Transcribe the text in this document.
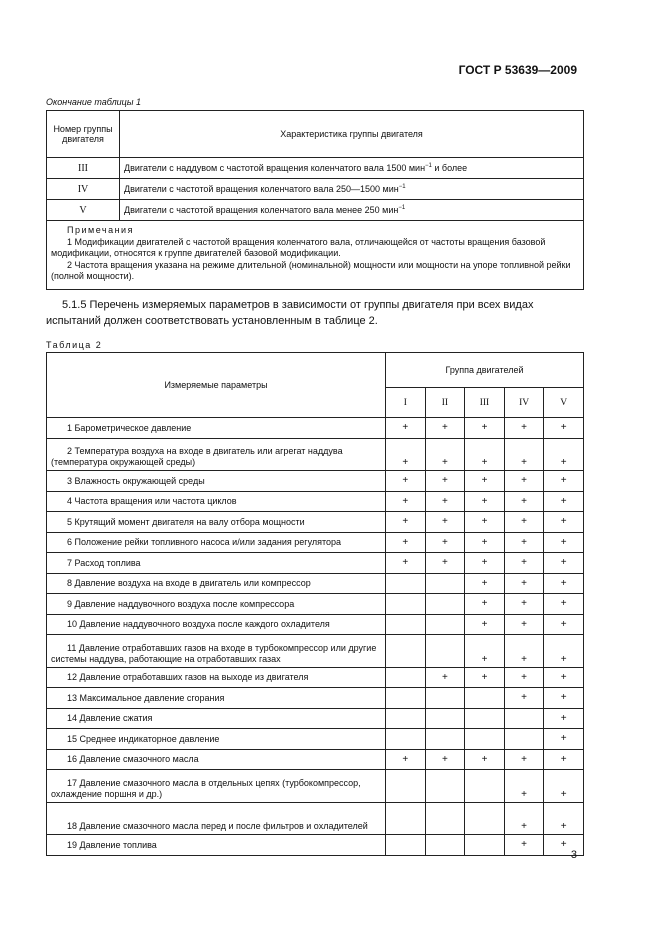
ГОСТ Р 53639—2009
Окончание таблицы 1
Номер группы двигателя	Характеристика группы двигателя
III	Двигатели с наддувом с частотой вращения коленчатого вала 1500 мин$^{-1}$ и более
IV	Двигатели с частотой вращения коленчатого вала 250—1500 мин$^{-1}$
V	Двигатели с частотой вращения коленчатого вала менее 250 мин$^{-1}$

Примечания
1 Модификации двигателей с частотой вращения коленчатого вала, отличающейся от частоты вращения базовой модификации, относятся к группе двигателей базовой модификации.
2 Частота вращения указана на режиме длительной (номинальной) мощности или мощности на упоре топливной рейки (полной мощности).	
5.1.5 Перечень измеряемых параметров в зависимости от группы двигателя при всех видах испытаний должен соответствовать установленным в таблице 2.
Таблица 2
Измеряемые параметры	Группа двигателей				
	I	II	III	IV	V
1 Барометрическое давление	+	+	+	+	+
2 Температура воздуха на входе в двигатель или агрегат наддува (температура окружающей среды)	+	+	+	+	+
3 Влажность окружающей среды	+	+	+	+	+
4 Частота вращения или частота циклов	+	+	+	+	+
5 Крутящий момент двигателя на валу отбора мощности	+	+	+	+	+
6 Положение рейки топливного насоса и/или задания регулятора	+	+	+	+	+
7 Расход топлива	+	+	+	+	+
8 Давление воздуха на входе в двигатель или компрессор			+	+	+
9 Давление наддувочного воздуха после компрессора			+	+	+
10 Давление наддувочного воздуха после каждого охладителя			+	+	+
11 Давление отработавших газов на входе в турбокомпрессор или другие системы наддува, работающие на отработавших газах			+	+	+
12 Давление отработавших газов на выходе из двигателя		+	+	+	+
13 Максимальное давление сгорания				+	+
14 Давление сжатия					+
15 Среднее индикаторное давление					+
16 Давление смазочного масла	+	+	+	+	+
17 Давление смазочного масла в отдельных цепях (турбокомпрессор, охлаждение поршня и др.)				+	+
18 Давление смазочного масла перед и после фильтров и охладителей				+	+
19 Давление топлива				+	+
3
